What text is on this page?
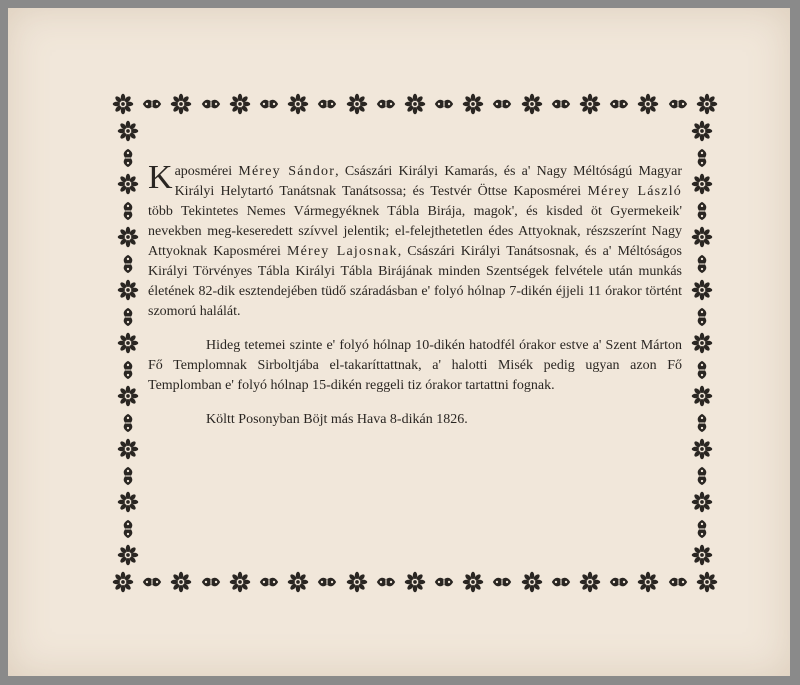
Kaposmérei Mérey Sándor, Császári Királyi Kamarás, és a' Nagy Méltóságú Magyar Királyi Helytartó Tanátsnak Tanátsossa; és Testvér Öttse Kaposmérei Mérey László több Tekintetes Nemes Vármegyéknek Tábla Birája, magok', és kisded öt Gyermekeik' nevekben meg-keseredett szívvel jelentik; el-felejthetetlen édes Attyoknak, részszerínt Nagy Attyoknak Kaposmérei Mérey Lajosnak, Császári Királyi Tanátsosnak, és a' Méltóságos Királyi Törvényes Tábla Királyi Tábla Birájának minden Szentségek felvétele után munkás életének 82-dik esztendejében tüdő száradásban e' folyó hólnap 7-dikén éjjeli 11 órakor történt szomorú halálát.

Hideg tetemei szinte e' folyó hólnap 10-dikén hatodfél órakor estve a' Szent Márton Fő Templomnak Sirboltjába el-takaríttattnak, a' halotti Misék pedig ugyan azon Fő Templomban e' folyó hólnap 15-dikén reggeli tiz órakor tartattni fognak.

Költt Posonyban Böjt más Hava 8-dikán 1826.
